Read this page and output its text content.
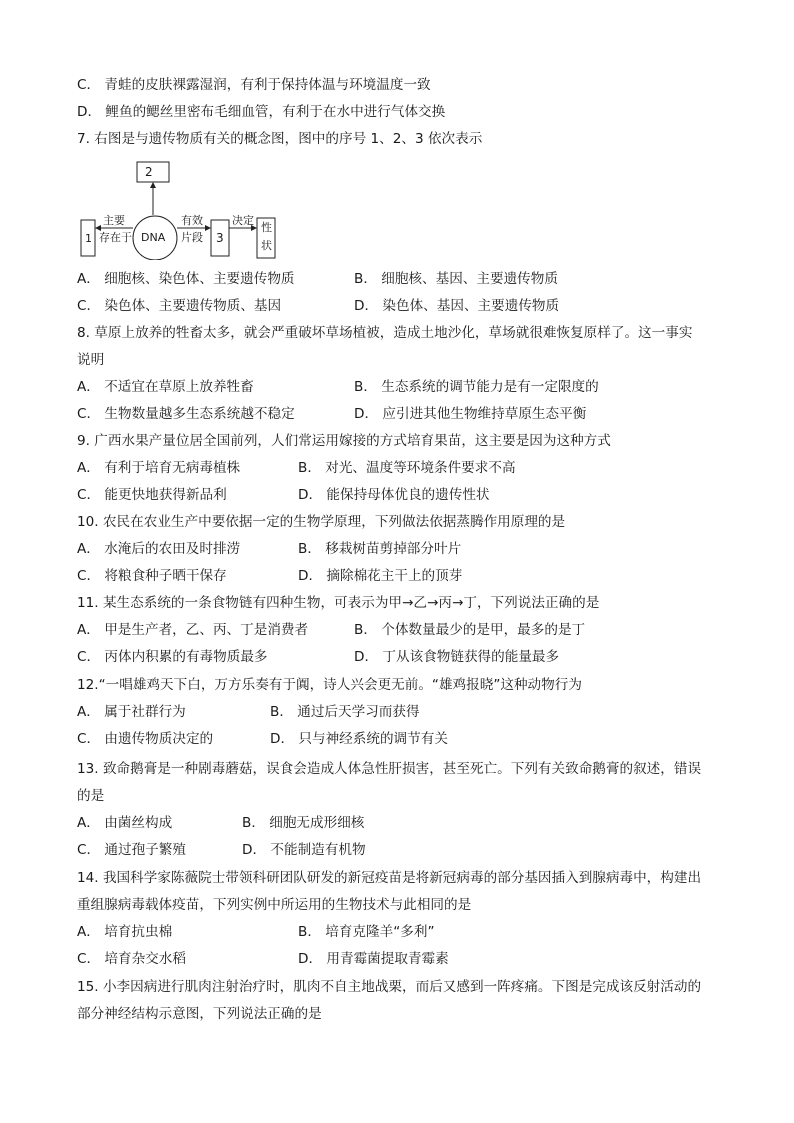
C． 青蛙的皮肤裸露湿润，有利于保持体温与环境温度一致
D． 鲤鱼的鳃丝里密布毛细血管，有利于在水中进行气体交换
7. 右图是与遗传物质有关的概念图，图中的序号 1、2、3 依次表示
2
1
主要
存在于 DNA
有效
片段 3
决定
性
状
A． 细胞核、染色体、主要遗传物质	B． 细胞核、基因、主要遗传物质
C． 染色体、主要遗传物质、基因	D． 染色体、基因、主要遗传物质
8. 草原上放养的牲畜太多，就会严重破坏草场植被，造成土地沙化，草场就很难恢复原样了。这一事实
说明
A． 不适宜在草原上放养牲畜	B． 生态系统的调节能力是有一定限度的
C． 生物数量越多生态系统越不稳定	D． 应引进其他生物维持草原生态平衡
9. 广西水果产量位居全国前列，人们常运用嫁接的方式培育果苗，这主要是因为这种方式
A． 有利于培育无病毒植株	B． 对光、温度等环境条件要求不高
C． 能更快地获得新品利	D． 能保持母体优良的遗传性状
10. 农民在农业生产中要依据一定的生物学原理，下列做法依据蒸腾作用原理的是
A． 水淹后的农田及时排涝	B． 移栽树苗剪掉部分叶片
C． 将粮食种子晒干保存	D． 摘除棉花主干上的顶芽
11. 某生态系统的一条食物链有四种生物，可表示为甲→乙→丙→丁，下列说法正确的是
A． 甲是生产者，乙、丙、丁是消费者	B． 个体数量最少的是甲，最多的是丁
C． 丙体内积累的有毒物质最多	D． 丁从该食物链获得的能量最多
12.“一唱雄鸡天下白，万方乐奏有于阗，诗人兴会更无前。“雄鸡报晓”这种动物行为
A． 属于社群行为	B． 通过后天学习而获得
C． 由遗传物质决定的	D． 只与神经系统的调节有关
13. 致命鹅膏是一种剧毒蘑菇，误食会造成人体急性肝损害，甚至死亡。下列有关致命鹅膏的叙述，错误
的是
A． 由菌丝构成	B． 细胞无成形细核
C． 通过孢子繁殖	D． 不能制造有机物
14. 我国科学家陈薇院士带领科研团队研发的新冠疫苗是将新冠病毒的部分基因插入到腺病毒中，构建出
重组腺病毒载体疫苗，下列实例中所运用的生物技术与此相同的是
A． 培育抗虫棉	B． 培育克隆羊“多利”
C． 培育杂交水稻	D． 用青霉菌提取青霉素
15. 小李因病进行肌肉注射治疗时，肌肉不自主地战栗，而后又感到一阵疼痛。下图是完成该反射活动的
部分神经结构示意图，下列说法正确的是
